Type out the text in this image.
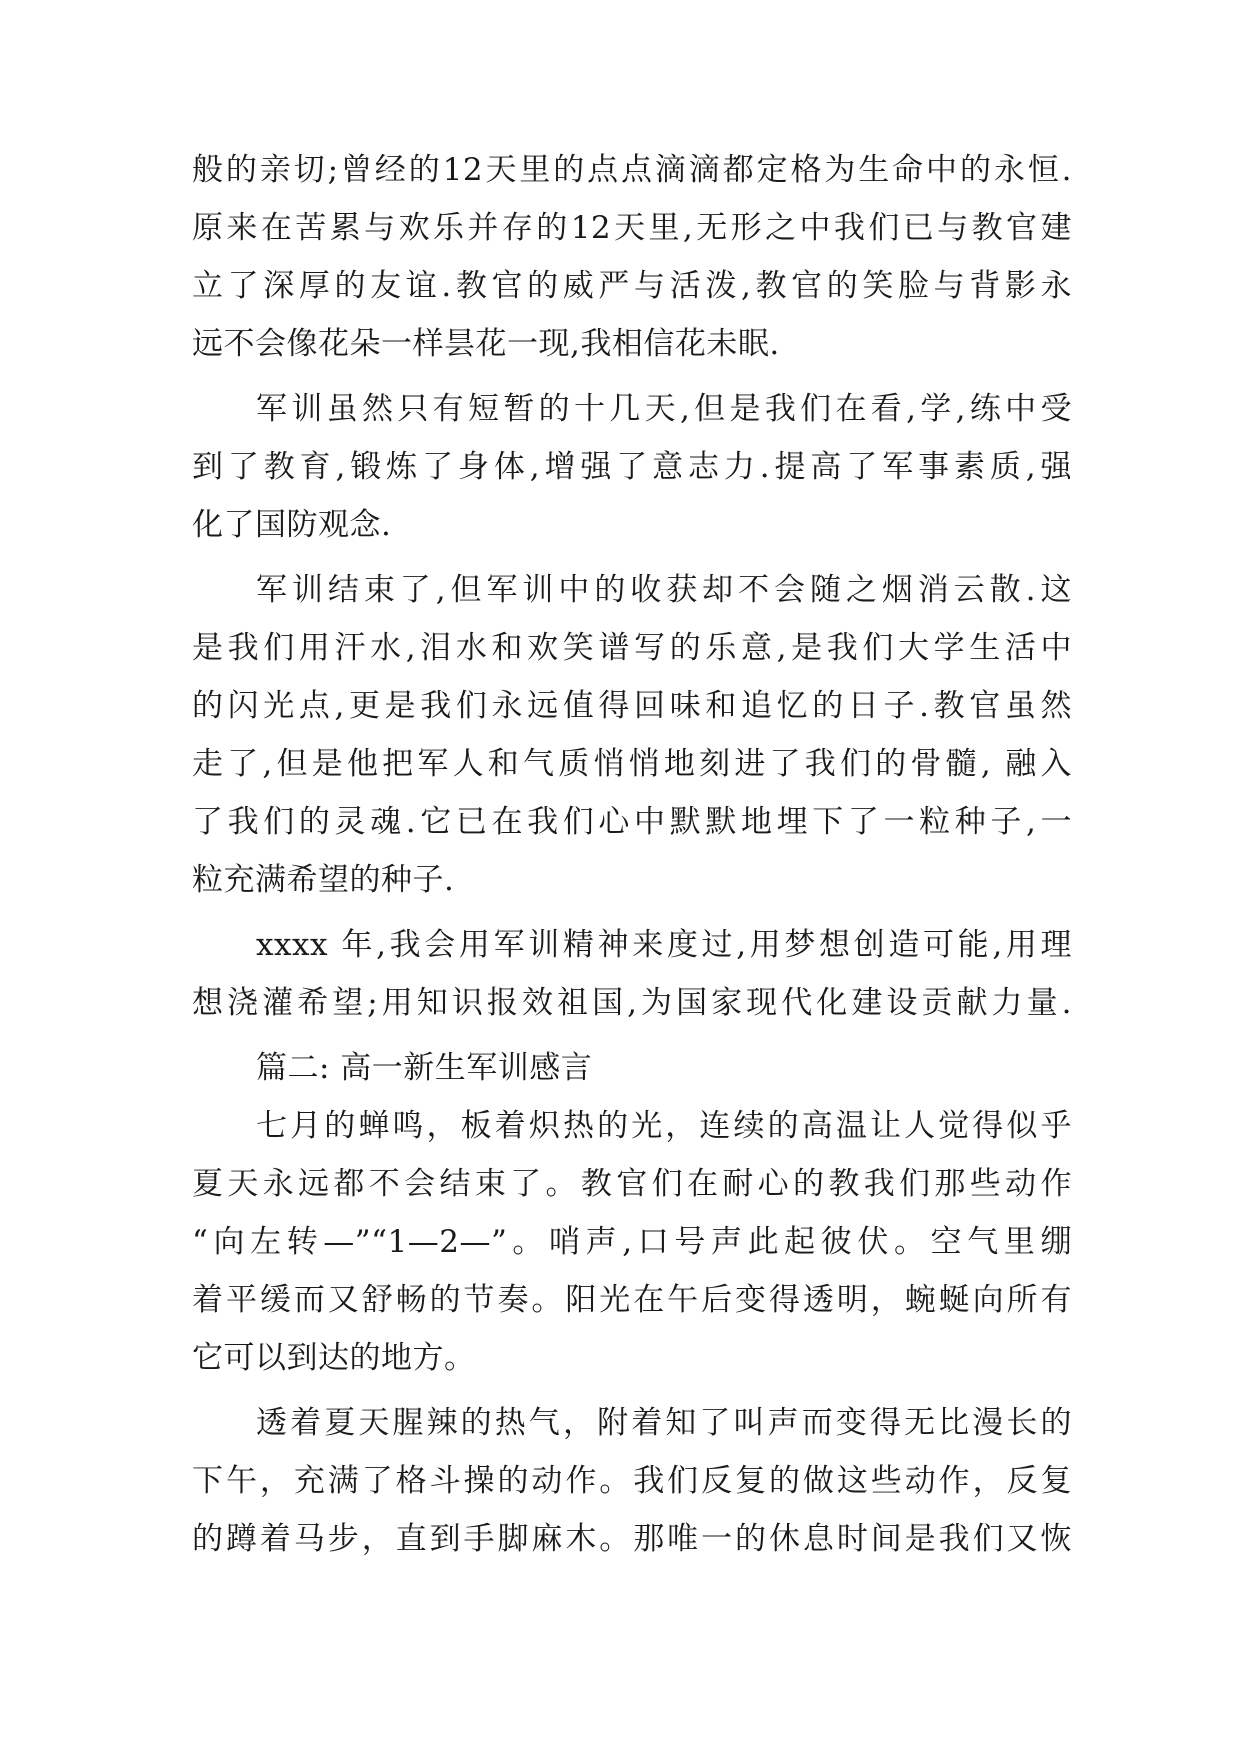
般的亲切;曾经的12天里的点点滴滴都定格为生命中的永恒.
原来在苦累与欢乐并存的12天里,无形之中我们已与教官建
立了深厚的友谊.教官的威严与活泼,教官的笑脸与背影永
远不会像花朵一样昙花一现,我相信花未眠.
军训虽然只有短暂的十几天,但是我们在看,学,练中受
到了教育,锻炼了身体,增强了意志力.提高了军事素质,强
化了国防观念.
军训结束了,但军训中的收获却不会随之烟消云散.这
是我们用汗水,泪水和欢笑谱写的乐意,是我们大学生活中
的闪光点,更是我们永远值得回味和追忆的日子.教官虽然
走了,但是他把军人和气质悄悄地刻进了我们的骨髓, 融入
了我们的灵魂.它已在我们心中默默地埋下了一粒种子,一
粒充满希望的种子.
xxxx 年,我会用军训精神来度过,用梦想创造可能,用理
想浇灌希望;用知识报效祖国,为国家现代化建设贡献力量.
篇二: 高一新生军训感言
七月的蝉鸣，板着炽热的光，连续的高温让人觉得似乎
夏天永远都不会结束了。教官们在耐心的教我们那些动作
“向左转—”“1—2—”。哨声,口号声此起彼伏。空气里绷
着平缓而又舒畅的节奏。阳光在午后变得透明，蜿蜒向所有
它可以到达的地方。
透着夏天腥辣的热气，附着知了叫声而变得无比漫长的
下午，充满了格斗操的动作。我们反复的做这些动作，反复
的蹲着马步，直到手脚麻木。那唯一的休息时间是我们又恢
